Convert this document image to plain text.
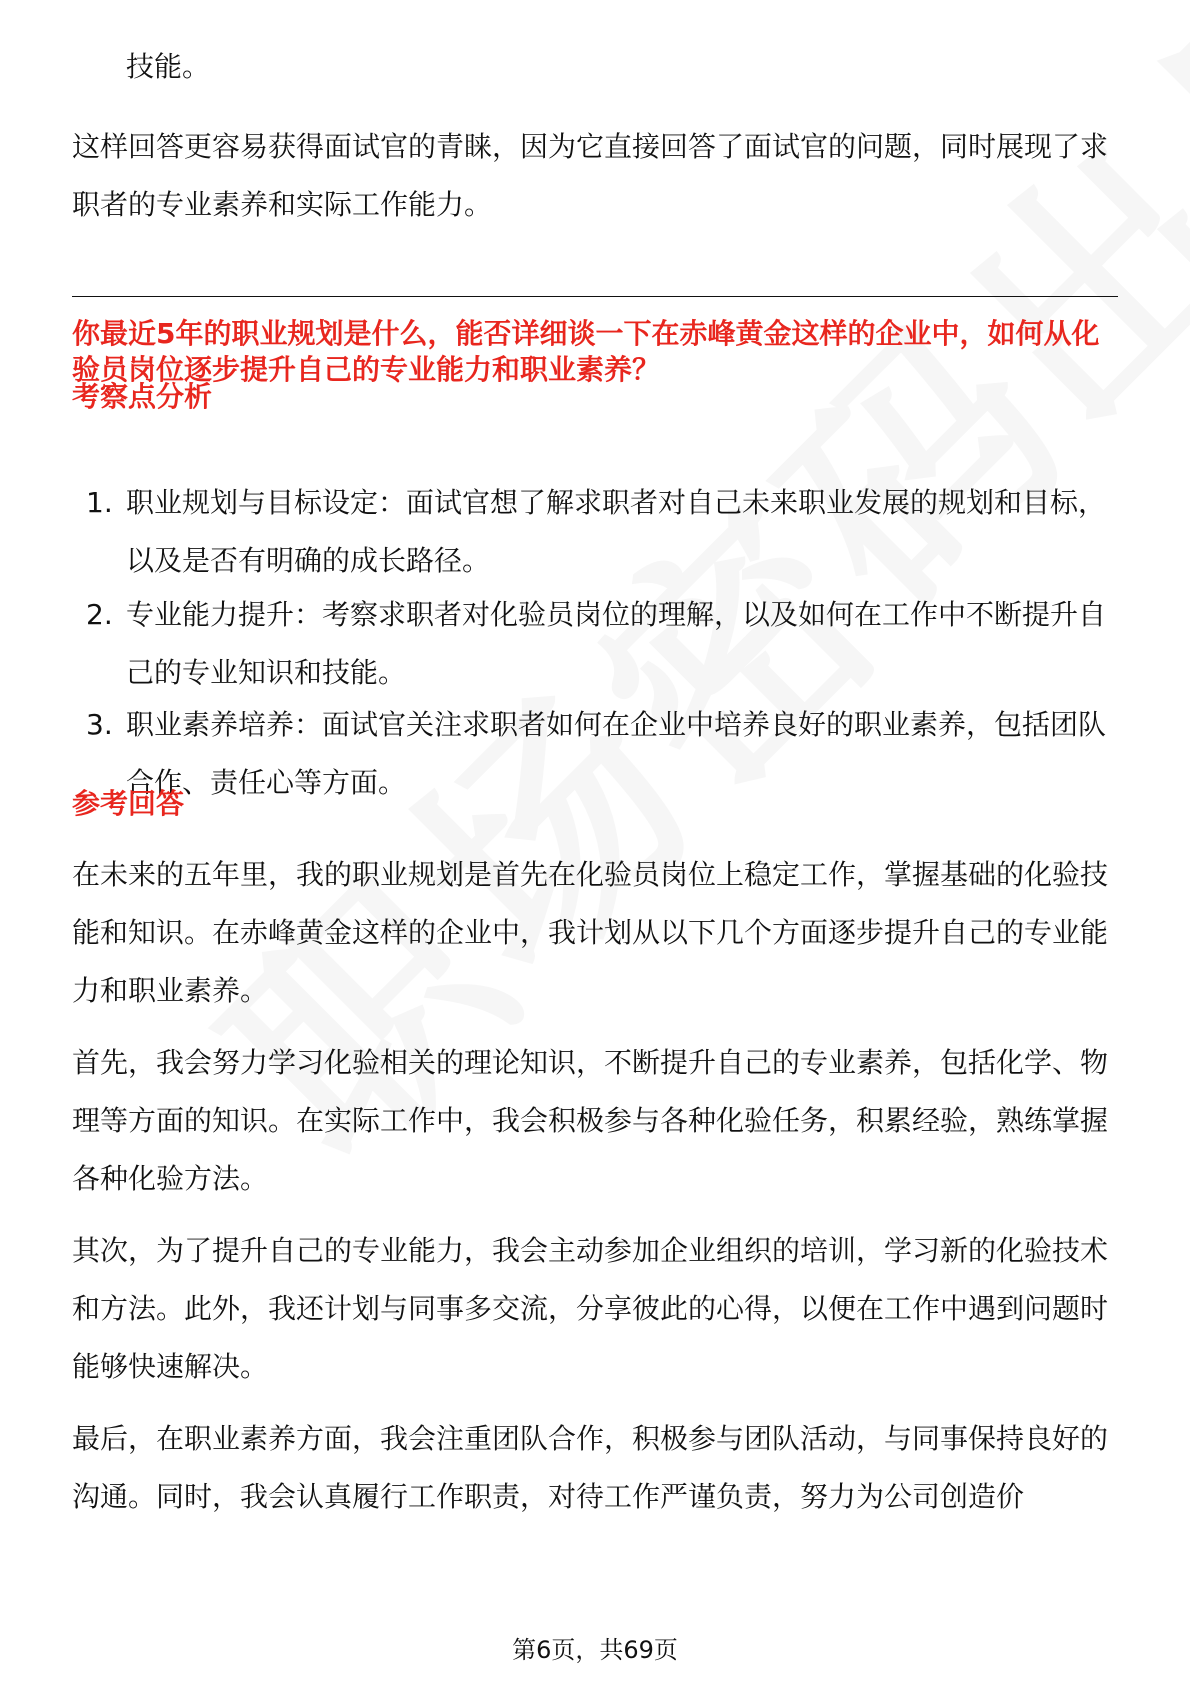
技能。

这样回答更容易获得面试官的青睐，因为它直接回答了面试官的问题，同时展现了求职者的专业素养和实际工作能力。

你最近5年的职业规划是什么，能否详细谈一下在赤峰黄金这样的企业中，如何从化验员岗位逐步提升自己的专业能力和职业素养？

考察点分析

1. 职业规划与目标设定：面试官想了解求职者对自己未来职业发展的规划和目标，以及是否有明确的成长路径。
2. 专业能力提升：考察求职者对化验员岗位的理解，以及如何在工作中不断提升自己的专业知识和技能。
3. 职业素养培养：面试官关注求职者如何在企业中培养良好的职业素养，包括团队合作、责任心等方面。

参考回答

在未来的五年里，我的职业规划是首先在化验员岗位上稳定工作，掌握基础的化验技能和知识。在赤峰黄金这样的企业中，我计划从以下几个方面逐步提升自己的专业能力和职业素养。

首先，我会努力学习化验相关的理论知识，不断提升自己的专业素养，包括化学、物理等方面的知识。在实际工作中，我会积极参与各种化验任务，积累经验，熟练掌握各种化验方法。

其次，为了提升自己的专业能力，我会主动参加企业组织的培训，学习新的化验技术和方法。此外，我还计划与同事多交流，分享彼此的心得，以便在工作中遇到问题时能够快速解决。

最后，在职业素养方面，我会注重团队合作，积极参与团队活动，与同事保持良好的沟通。同时，我会认真履行工作职责，对待工作严谨负责，努力为公司创造价

第6页，共69页
